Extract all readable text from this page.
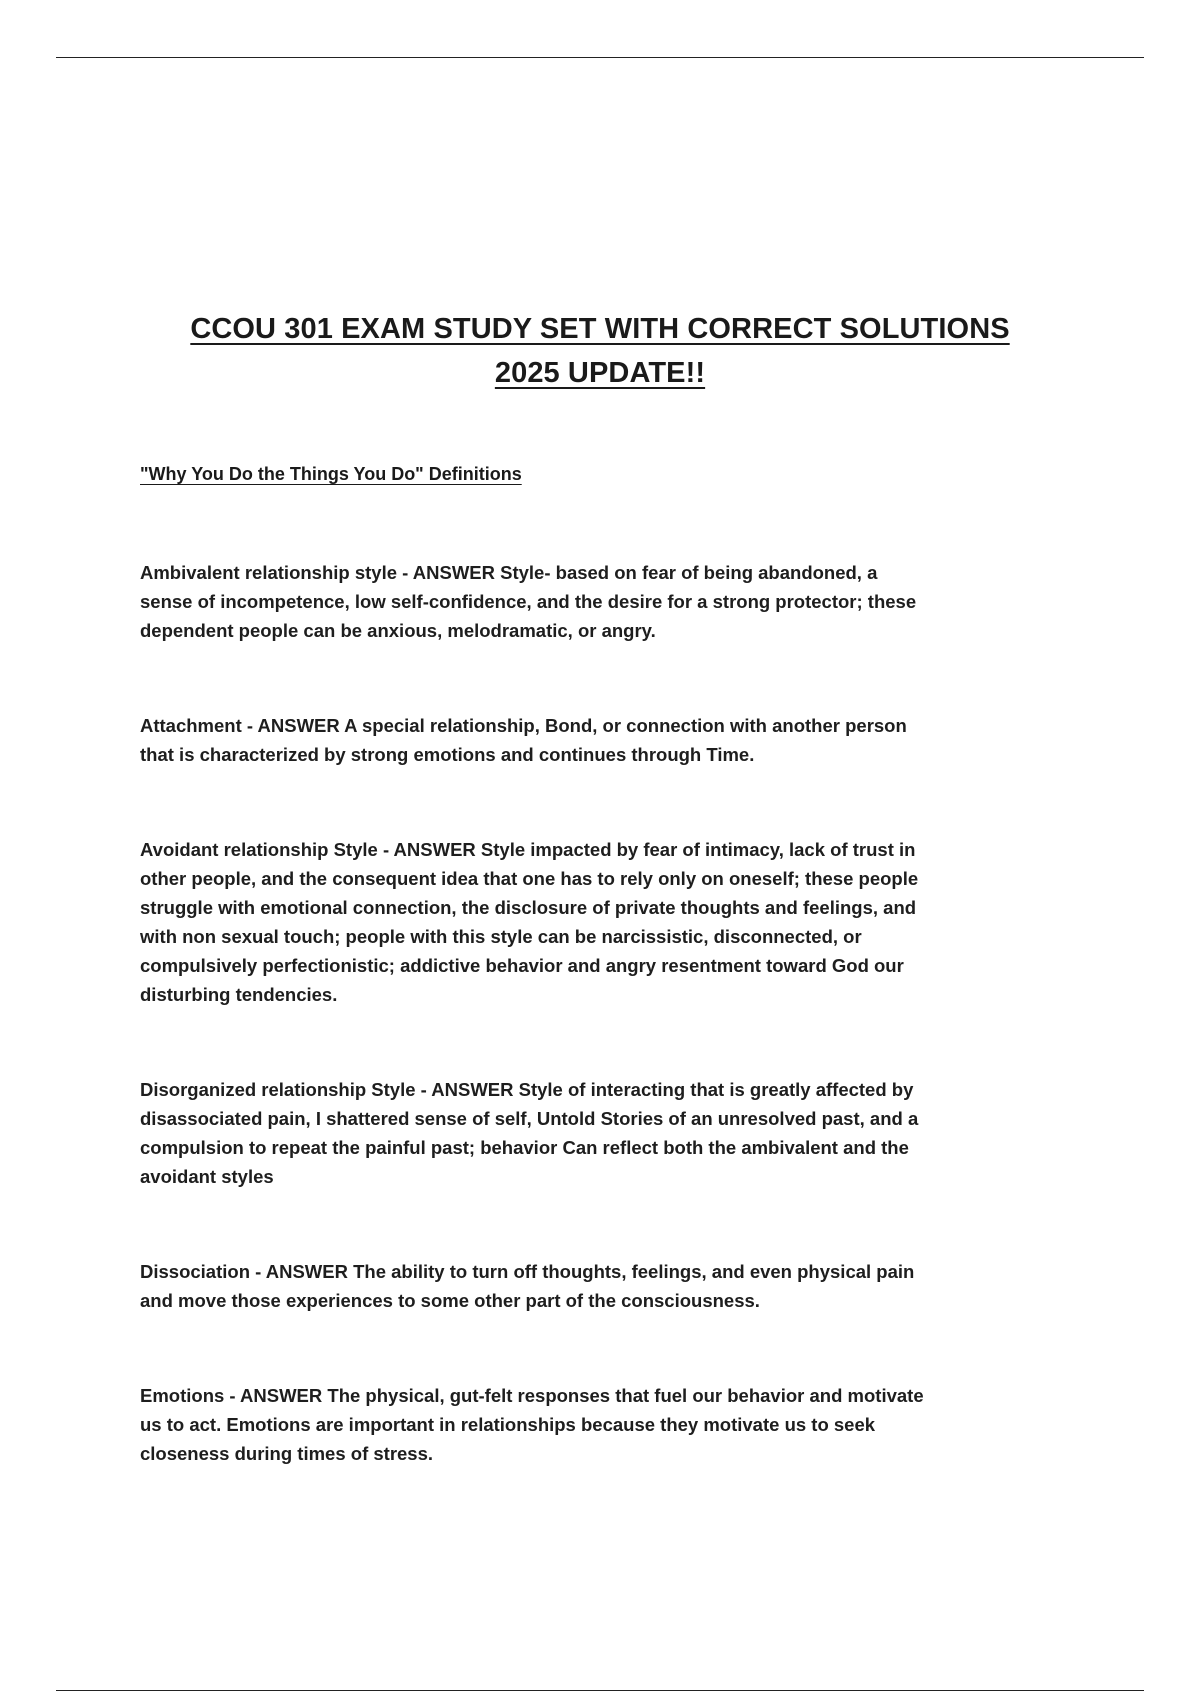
CCOU 301 EXAM STUDY SET WITH CORRECT SOLUTIONS
2025 UPDATE!!
"Why You Do the Things You Do" Definitions
Ambivalent relationship style - ANSWER Style- based on fear of being abandoned, a
sense of incompetence, low self-confidence, and the desire for a strong protector; these
dependent people can be anxious, melodramatic, or angry.
Attachment - ANSWER A special relationship, Bond, or connection with another person
that is characterized by strong emotions and continues through Time.
Avoidant relationship Style - ANSWER Style impacted by fear of intimacy, lack of trust in
other people, and the consequent idea that one has to rely only on oneself; these people
struggle with emotional connection, the disclosure of private thoughts and feelings, and
with non sexual touch; people with this style can be narcissistic, disconnected, or
compulsively perfectionistic; addictive behavior and angry resentment toward God our
disturbing tendencies.
Disorganized relationship Style - ANSWER Style of interacting that is greatly affected by
disassociated pain, I shattered sense of self, Untold Stories of an unresolved past, and a
compulsion to repeat the painful past; behavior Can reflect both the ambivalent and the
avoidant styles
Dissociation - ANSWER The ability to turn off thoughts, feelings, and even physical pain
and move those experiences to some other part of the consciousness.
Emotions - ANSWER The physical, gut-felt responses that fuel our behavior and motivate
us to act. Emotions are important in relationships because they motivate us to seek
closeness during times of stress.
